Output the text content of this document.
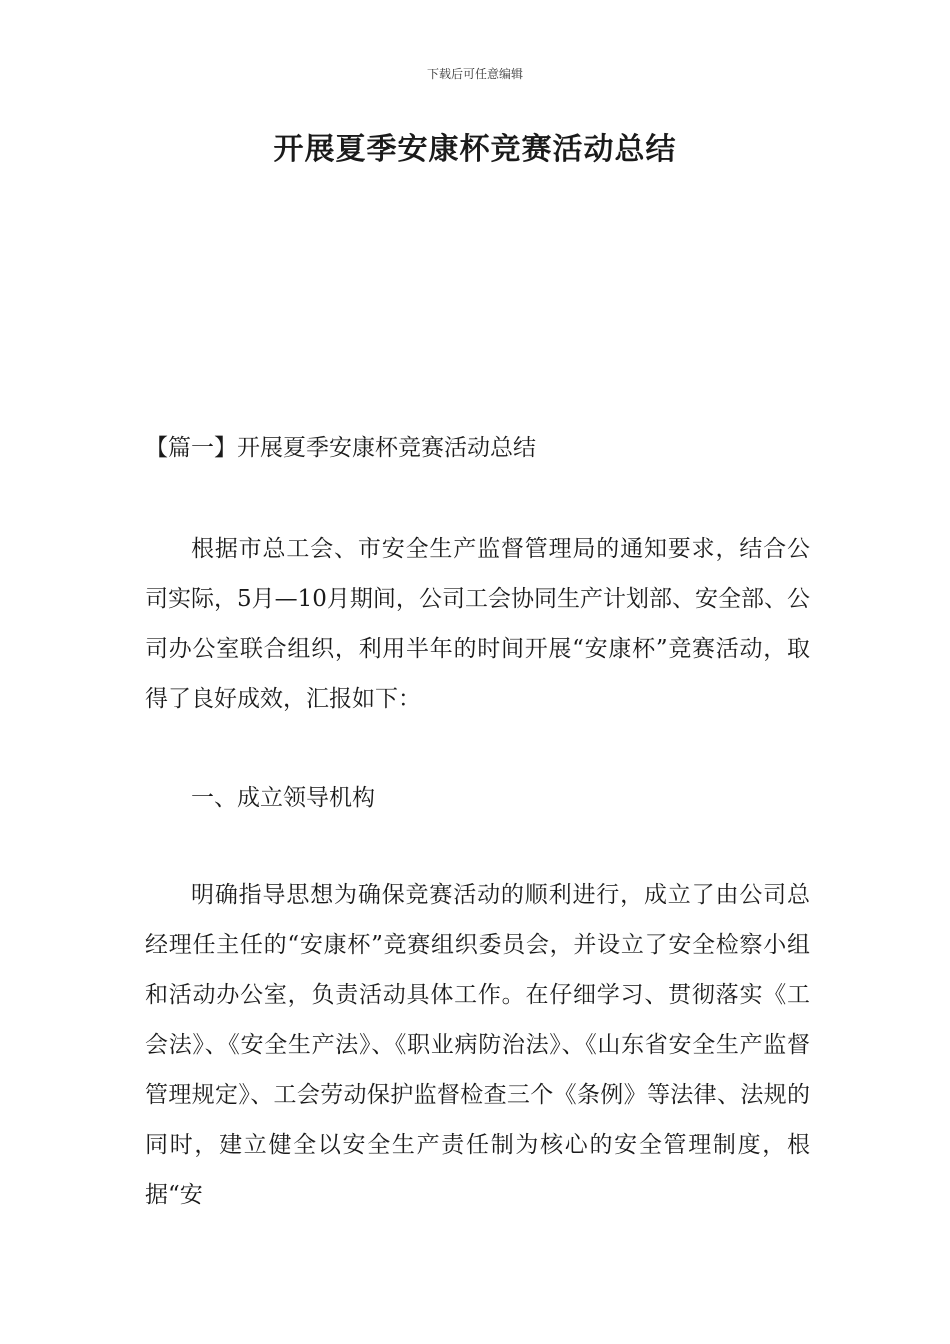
下载后可任意编辑
开展夏季安康杯竞赛活动总结
【篇一】开展夏季安康杯竞赛活动总结

根据市总工会、市安全生产监督管理局的通知要求，结合公司实际，5月—10月期间，公司工会协同生产计划部、安全部、公司办公室联合组织，利用半年的时间开展“安康杯”竞赛活动，取得了良好成效，汇报如下：

一、成立领导机构

明确指导思想为确保竞赛活动的顺利进行，成立了由公司总经理任主任的“安康杯”竞赛组织委员会，并设立了安全检察小组和活动办公室，负责活动具体工作。在仔细学习、贯彻落实《工会法》、《安全生产法》、《职业病防治法》、《山东省安全生产监督管理规定》、工会劳动保护监督检查三个《条例》等法律、法规的同时，建立健全以安全生产责任制为核心的安全管理制度，根据“安
